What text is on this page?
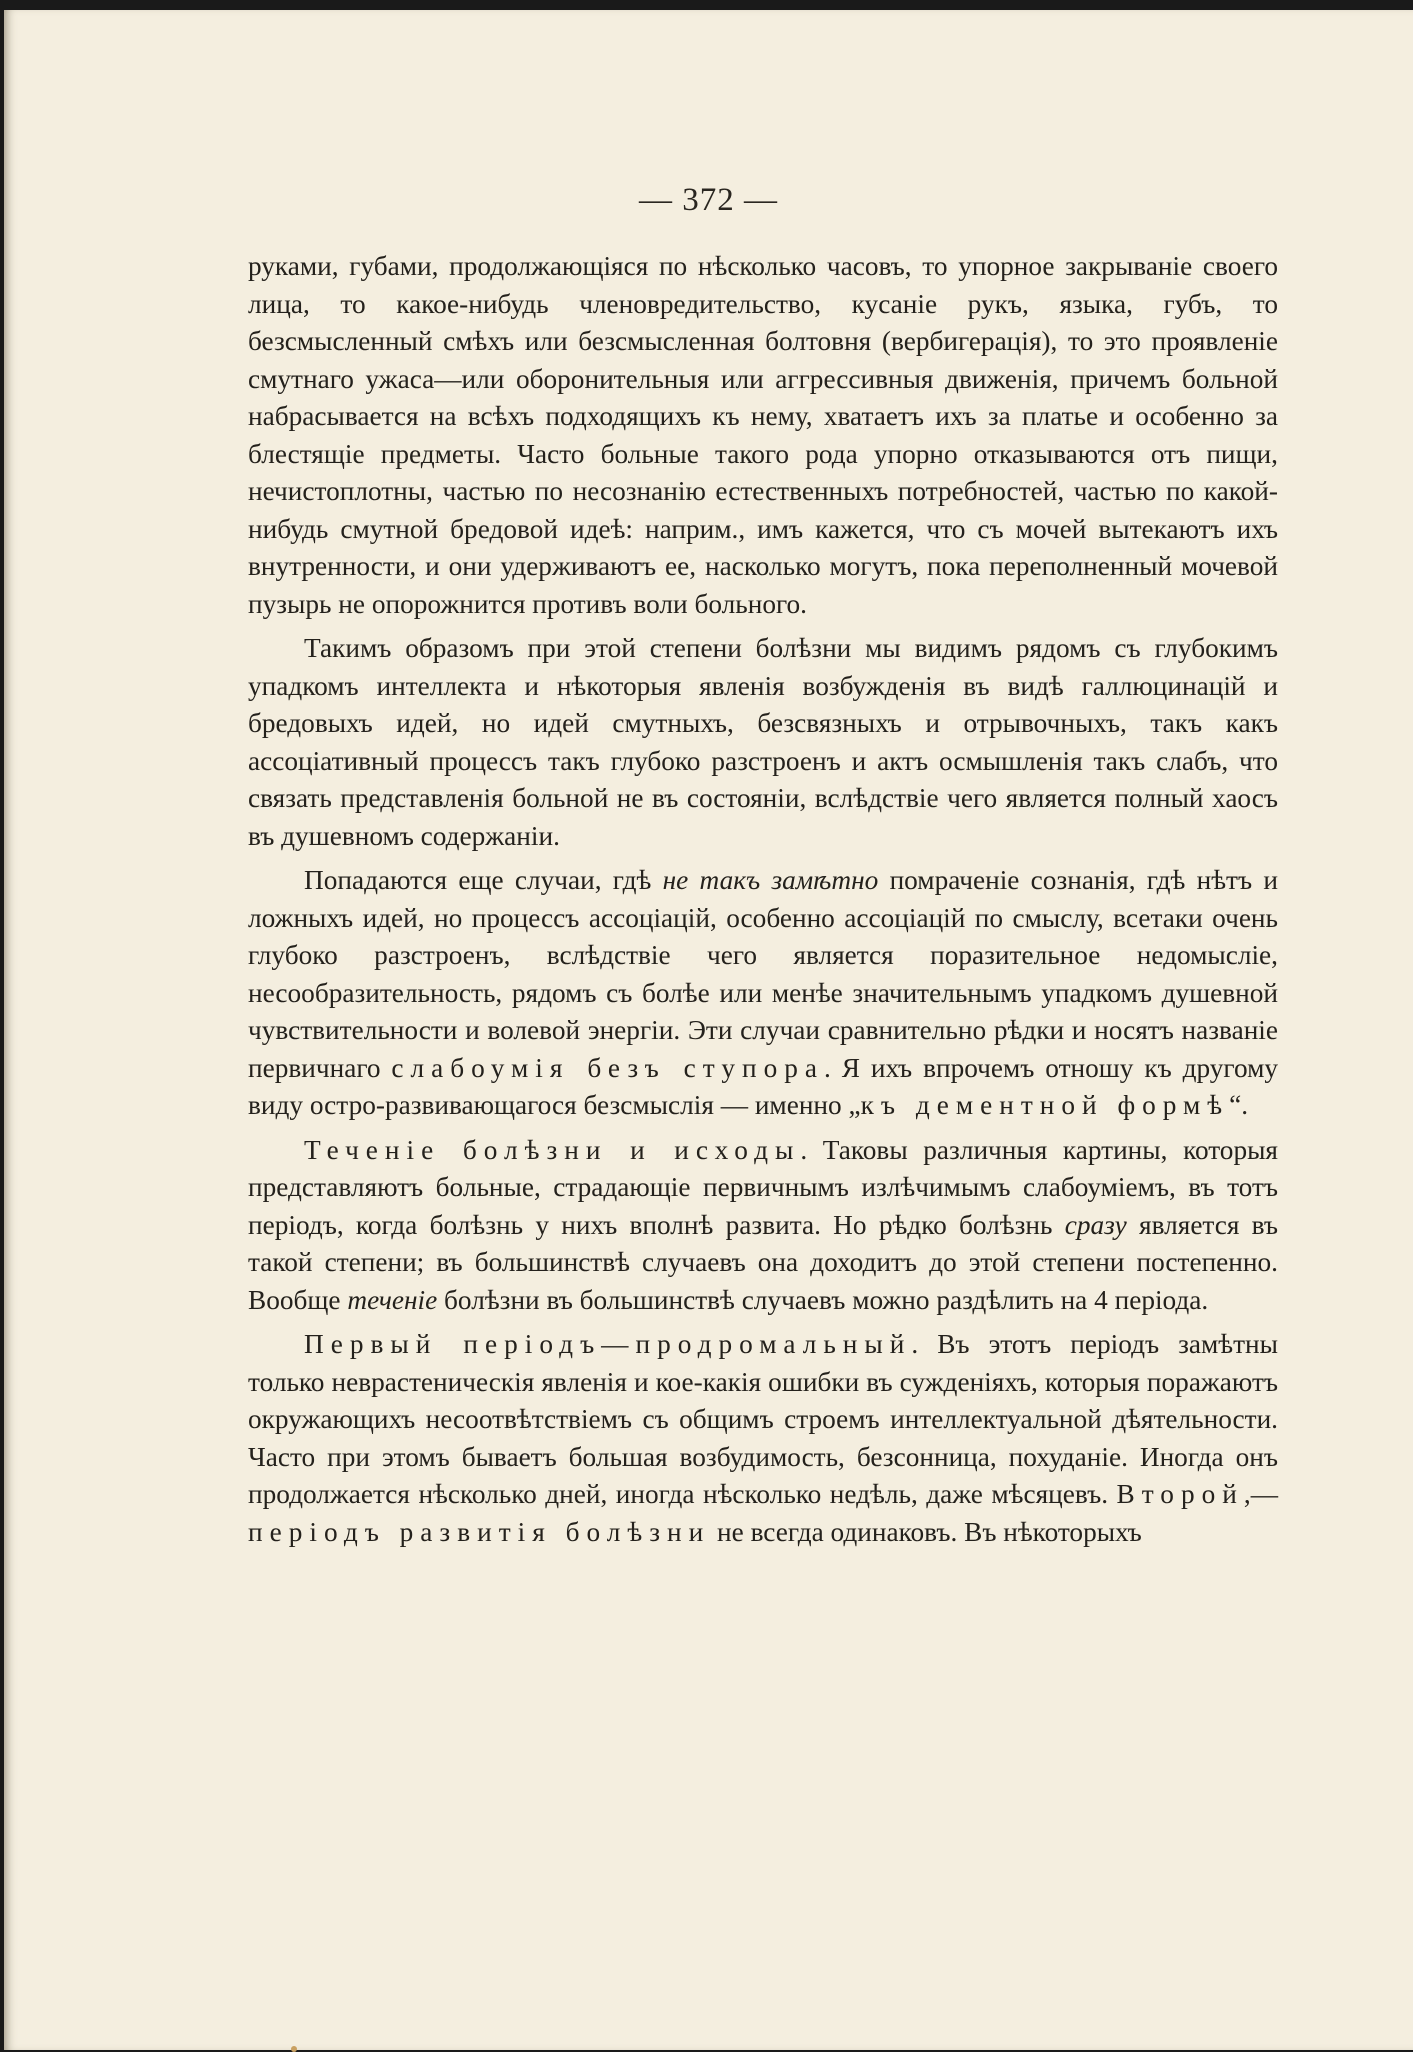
— 372 —

руками, губами, продолжающіяся по нѣсколько часовъ, то упорное закрываніе своего лица, то какое-нибудь членовредительство, кусаніе рукъ, языка, губъ, то безсмысленный смѣхъ или безсмысленная болтовня (вербигерація), то это проявленіе смутнаго ужаса—или оборонительныя или аггрессивныя движенія, причемъ больной набрасывается на всѣхъ подходящихъ къ нему, хватаетъ ихъ за платье и особенно за блестящіе предметы. Часто больные такого рода упорно отказываются отъ пищи, нечистоплотны, частью по несознанію естественныхъ потребностей, частью по какой-нибудь смутной бредовой идеѣ: наприм., имъ кажется, что съ мочей вытекаютъ ихъ внутренности, и они удерживаютъ ее, насколько могутъ, пока переполненный мочевой пузырь не опорожнится противъ воли больного.

Такимъ образомъ при этой степени болѣзни мы видимъ рядомъ съ глубокимъ упадкомъ интеллекта и нѣкоторыя явленія возбужденія въ видѣ галлюцинацій и бредовыхъ идей, но идей смутныхъ, безсвязныхъ и отрывочныхъ, такъ какъ ассоціативный процессъ такъ глубоко разстроенъ и актъ осмышленія такъ слабъ, что связать представленія больной не въ состояніи, вслѣдствіе чего является полный хаосъ въ душевномъ содержаніи.

Попадаются еще случаи, гдѣ не такъ замѣтно помраченіе сознанія, гдѣ нѣтъ и ложныхъ идей, но процессъ ассоціацій, особенно ассоціацій по смыслу, всетаки очень глубоко разстроенъ, вслѣдствіе чего является поразительное недомысліе, несообразительность, рядомъ съ болѣе или менѣе значительнымъ упадкомъ душевной чувствительности и волевой энергіи. Эти случаи сравнительно рѣдки и носятъ названіе первичнаго слабоумія безъ ступора. Я ихъ впрочемъ отношу къ другому виду остро-развивающагося безсмыслія — именно „къ дементной формѣ“.

Теченіе болѣзни и исходы. Таковы различныя картины, которыя представляютъ больные, страдающіе первичнымъ излѣчимымъ слабоуміемъ, въ тотъ періодъ, когда болѣзнь у нихъ вполнѣ развита. Но рѣдко болѣзнь сразу является въ такой степени; въ большинствѣ случаевъ она доходитъ до этой степени постепенно. Вообще теченіе болѣзни въ большинствѣ случаевъ можно раздѣлить на 4 періода.

Первый періодъ—продромальный. Въ этотъ періодъ замѣтны только неврастеническія явленія и кое-какія ошибки въ сужденіяхъ, которыя поражаютъ окружающихъ несоотвѣтствіемъ съ общимъ строемъ интеллектуальной дѣятельности. Часто при этомъ бываетъ большая возбудимость, безсонница, похуданіе. Иногда онъ продолжается нѣсколько дней, иногда нѣсколько недѣль, даже мѣсяцевъ. Второй,— періодъ развитія болѣзни не всегда одинаковъ. Въ нѣкоторыхъ
